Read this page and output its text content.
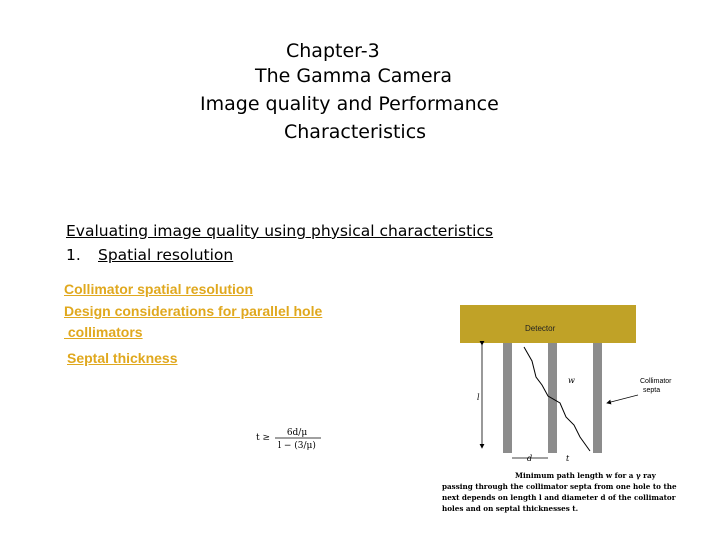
Chapter-3
The Gamma Camera
Image quality and Performance
Characteristics
Evaluating image quality using physical characteristics
1. Spatial resolution
Collimator spatial resolution
Design considerations for parallel hole
collimators
Septal thickness
t ≥ 6d/μ
l − (3/μ)
Detector
l
w	Collimator
septa
d	t
Minimum path length w for a γ ray
passing through the collimator septa from one hole to the
next depends on length l and diameter d of the collimator
holes and on septal thicknesses t.
